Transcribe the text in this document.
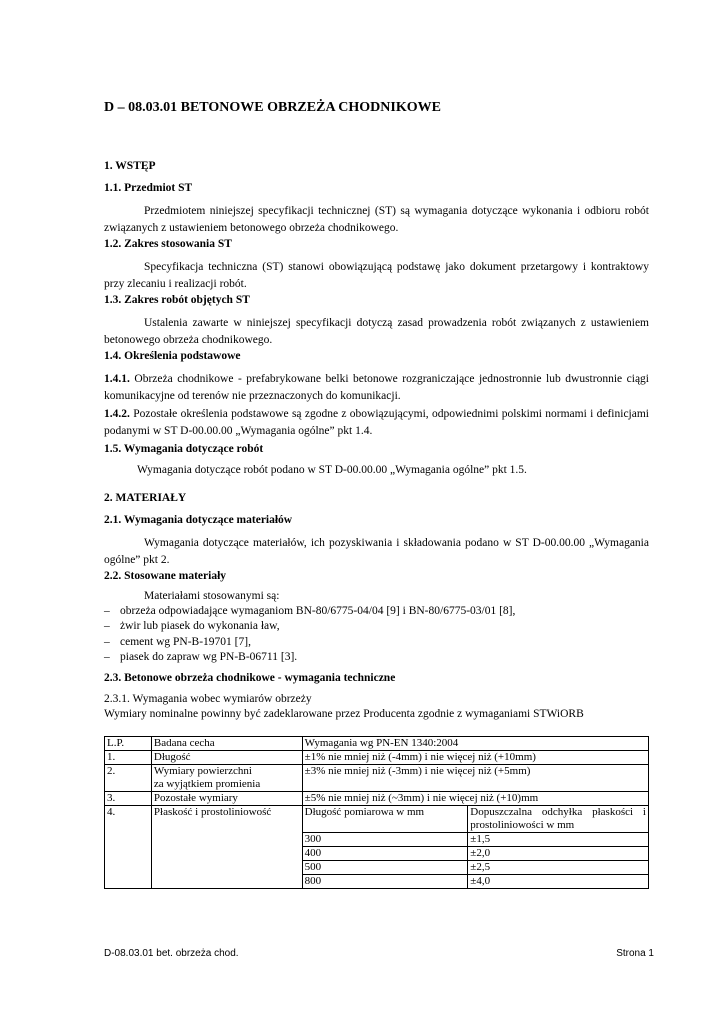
D – 08.03.01 BETONOWE OBRZEŻA CHODNIKOWE
1. WSTĘP
1.1. Przedmiot ST
Przedmiotem niniejszej specyfikacji technicznej (ST) są wymagania dotyczące wykonania i odbioru robót związanych z ustawieniem betonowego obrzeża chodnikowego.
1.2. Zakres stosowania ST
Specyfikacja techniczna (ST) stanowi obowiązującą podstawę jako dokument przetargowy i kontraktowy przy zlecaniu i realizacji robót.
1.3. Zakres robót objętych ST
Ustalenia zawarte w niniejszej specyfikacji dotyczą zasad prowadzenia robót związanych z ustawieniem betonowego obrzeża chodnikowego.
1.4. Określenia podstawowe
1.4.1. Obrzeża chodnikowe - prefabrykowane belki betonowe rozgraniczające jednostronnie lub dwustronnie ciągi komunikacyjne od terenów nie przeznaczonych do komunikacji.
1.4.2. Pozostałe określenia podstawowe są zgodne z obowiązującymi, odpowiednimi polskimi normami i definicjami podanymi w ST D-00.00.00 „Wymagania ogólne” pkt 1.4.
1.5. Wymagania dotyczące robót
Wymagania dotyczące robót podano w ST D-00.00.00 „Wymagania ogólne” pkt 1.5.
2. MATERIAŁY
2.1. Wymagania dotyczące materiałów
Wymagania dotyczące materiałów, ich pozyskiwania i składowania podano w ST D-00.00.00 „Wymagania ogólne” pkt 2.
2.2. Stosowane materiały
Materiałami stosowanymi są:
– obrzeża odpowiadające wymaganiom BN-80/6775-04/04 [9] i BN-80/6775-03/01 [8],
– żwir lub piasek do wykonania ław,
– cement wg PN-B-19701 [7],
– piasek do zapraw wg PN-B-06711 [3].
2.3. Betonowe obrzeża chodnikowe - wymagania techniczne
2.3.1. Wymagania wobec wymiarów obrzeży
Wymiary nominalne powinny być zadeklarowane przez Producenta zgodnie z wymaganiami STWiORB
L.P.	Badana cecha	Wymagania wg PN-EN 1340:2004	
1.	Długość	±1% nie mniej niż (-4mm) i nie więcej niż (+10mm)	
2.	Wymiary powierzchni
za wyjątkiem promienia	±3% nie mniej niż (-3mm) i nie więcej niż (+5mm)	
3.	Pozostałe wymiary	±5% nie mniej niż (~3mm) i nie więcej niż (+10)mm	
4.	Płaskość i prostoliniowość	Długość pomiarowa w mm	Dopuszczalna odchyłka płaskości i prostoliniowości w mm
		300	±1,5
		400	±2,0
		500	±2,5
		800	±4,0
D-08.03.01 bet. obrzeża chod.	Strona 1
